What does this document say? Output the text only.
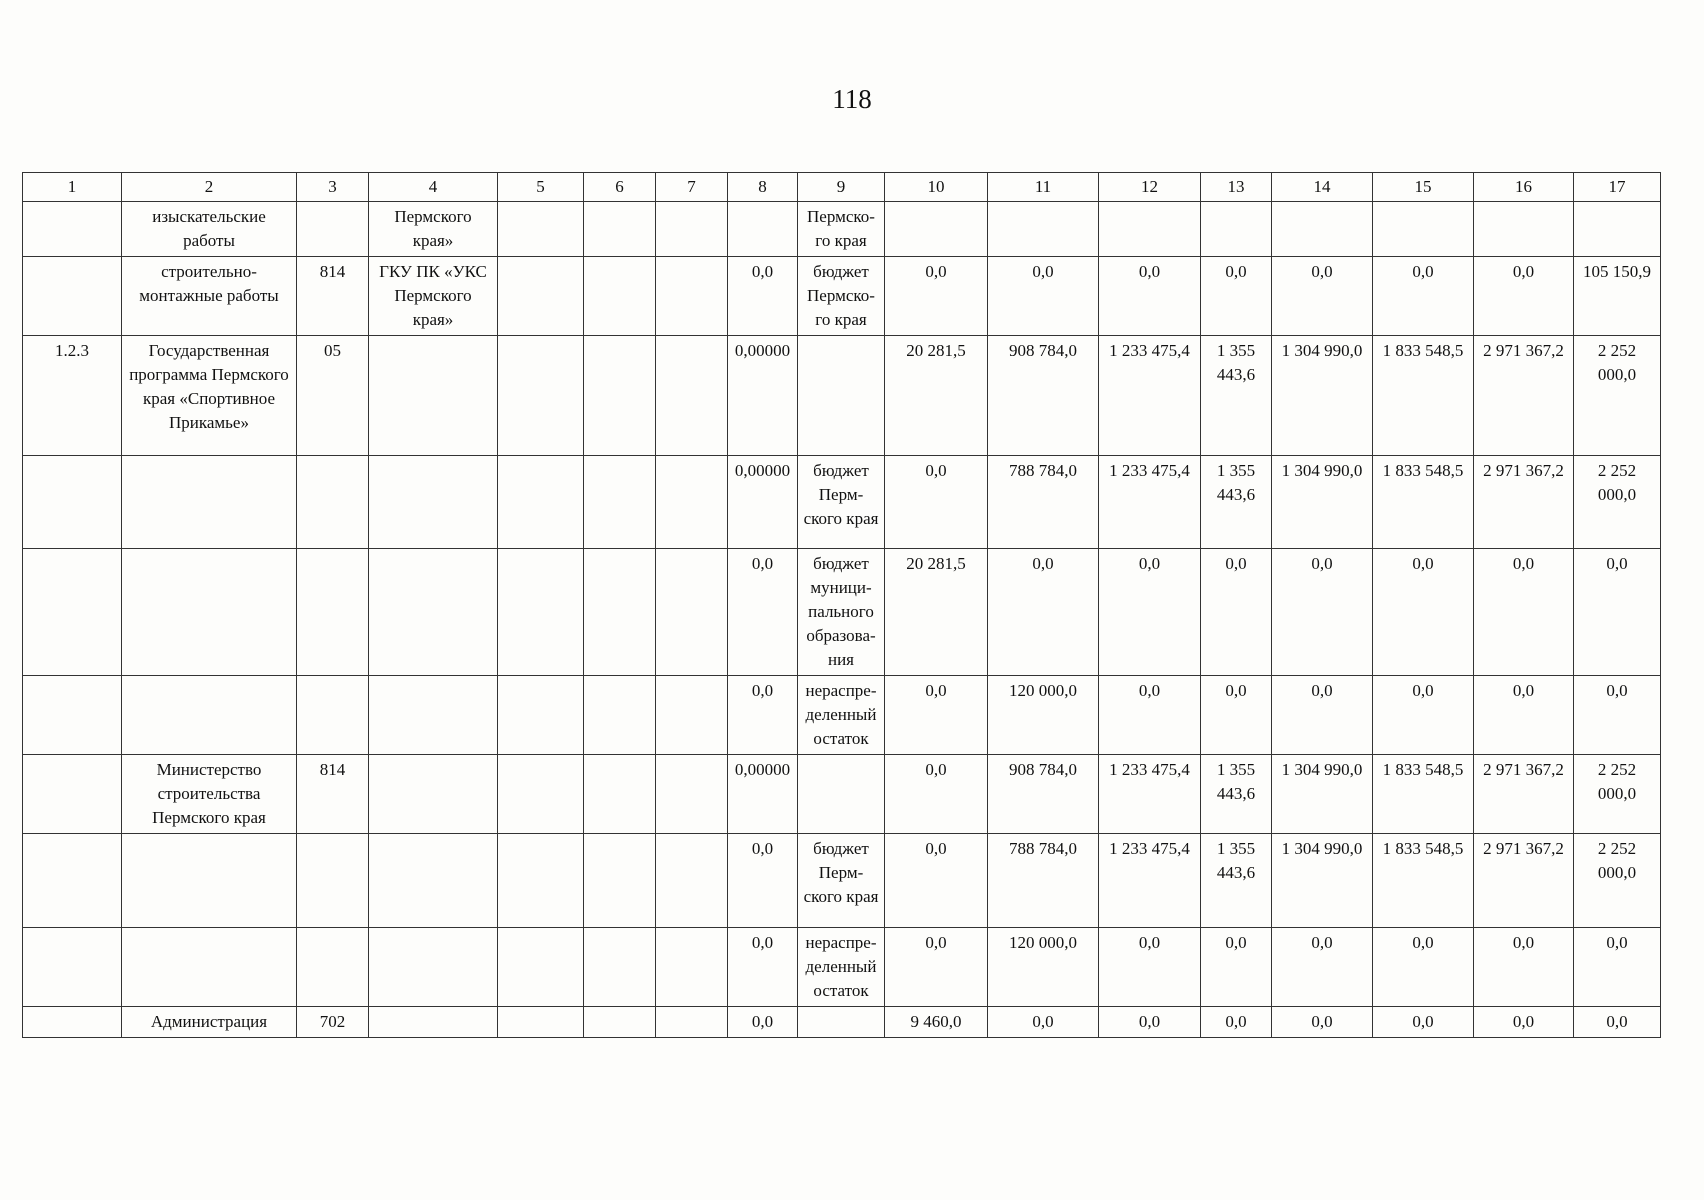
118
1	2	3	4	5	6	7	8	9	10	11	12	13	14	15	16	17
	изыскательские работы		Пермского края»					Пермско-го края								
	строительно-монтажные работы	814	ГКУ ПК «УКС Пермского края»				0,0	бюджет Пермско-го края	0,0	0,0	0,0	0,0	0,0	0,0	0,0	105 150,9
1.2.3	Государственная программа Пермского края «Спортивное Прикамье»	05					0,00000		20 281,5	908 784,0	1 233 475,4	1 355 443,6	1 304 990,0	1 833 548,5	2 971 367,2	2 252 000,0
							0,00000	бюджет Перм-ского края	0,0	788 784,0	1 233 475,4	1 355 443,6	1 304 990,0	1 833 548,5	2 971 367,2	2 252 000,0
							0,0	бюджет муници-пального образова-ния	20 281,5	0,0	0,0	0,0	0,0	0,0	0,0	0,0
							0,0	нераспре-деленный остаток	0,0	120 000,0	0,0	0,0	0,0	0,0	0,0	0,0
	Министерство строительства Пермского края	814					0,00000		0,0	908 784,0	1 233 475,4	1 355 443,6	1 304 990,0	1 833 548,5	2 971 367,2	2 252 000,0
							0,0	бюджет Перм-ского края	0,0	788 784,0	1 233 475,4	1 355 443,6	1 304 990,0	1 833 548,5	2 971 367,2	2 252 000,0
							0,0	нераспре-деленный остаток	0,0	120 000,0	0,0	0,0	0,0	0,0	0,0	0,0
	Администрация	702					0,0		9 460,0	0,0	0,0	0,0	0,0	0,0	0,0	0,0
